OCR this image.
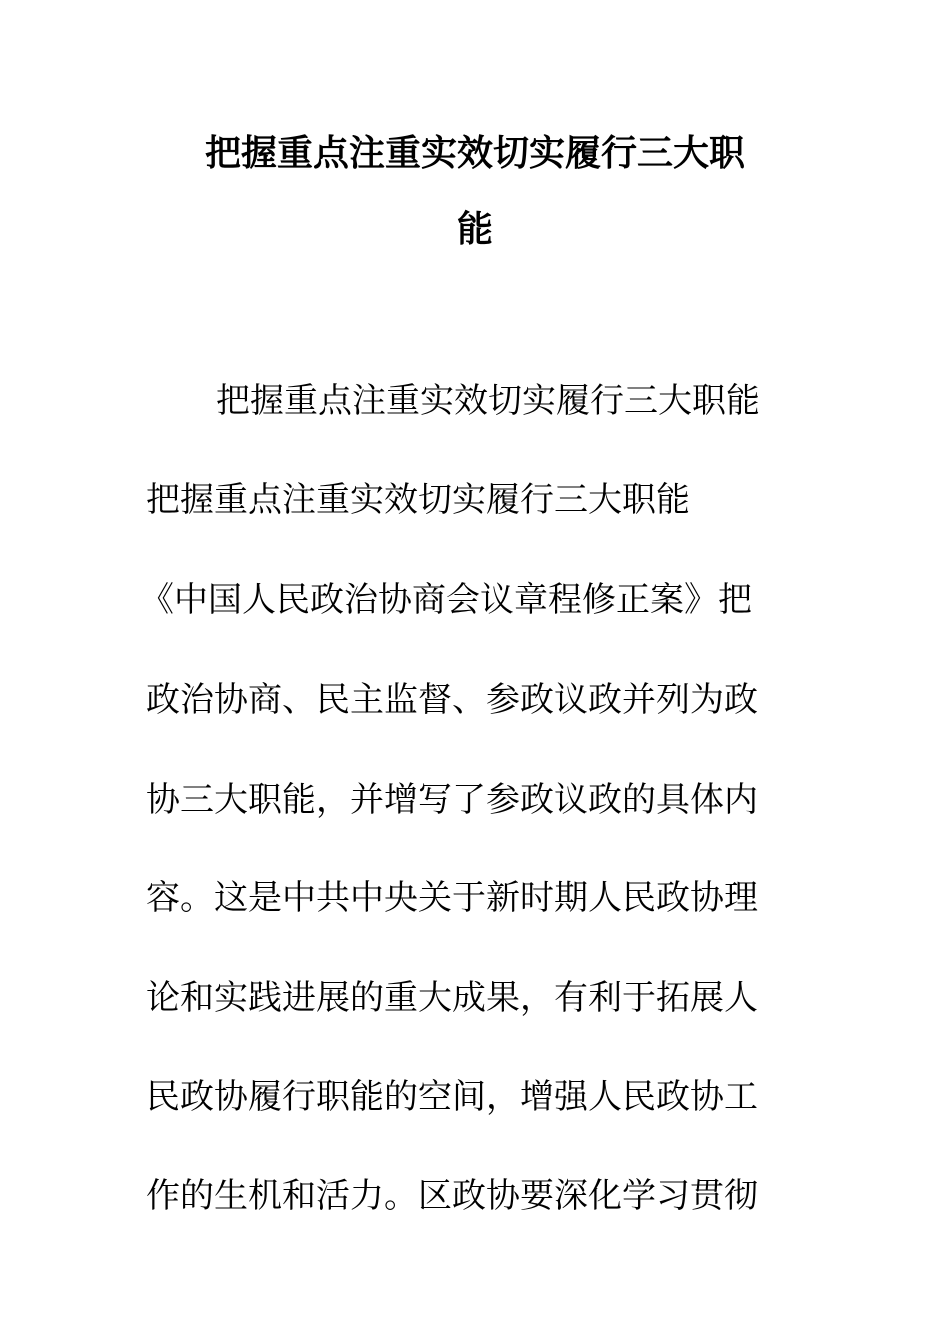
把握重点注重实效切实履行三大职
能

把握重点注重实效切实履行三大职能

把握重点注重实效切实履行三大职能

《中国人民政治协商会议章程修正案》把

政治协商、民主监督、参政议政并列为政

协三大职能，并增写了参政议政的具体内

容。这是中共中央关于新时期人民政协理

论和实践进展的重大成果，有利于拓展人

民政协履行职能的空间，增强人民政协工

作的生机和活力。区政协要深化学习贯彻
